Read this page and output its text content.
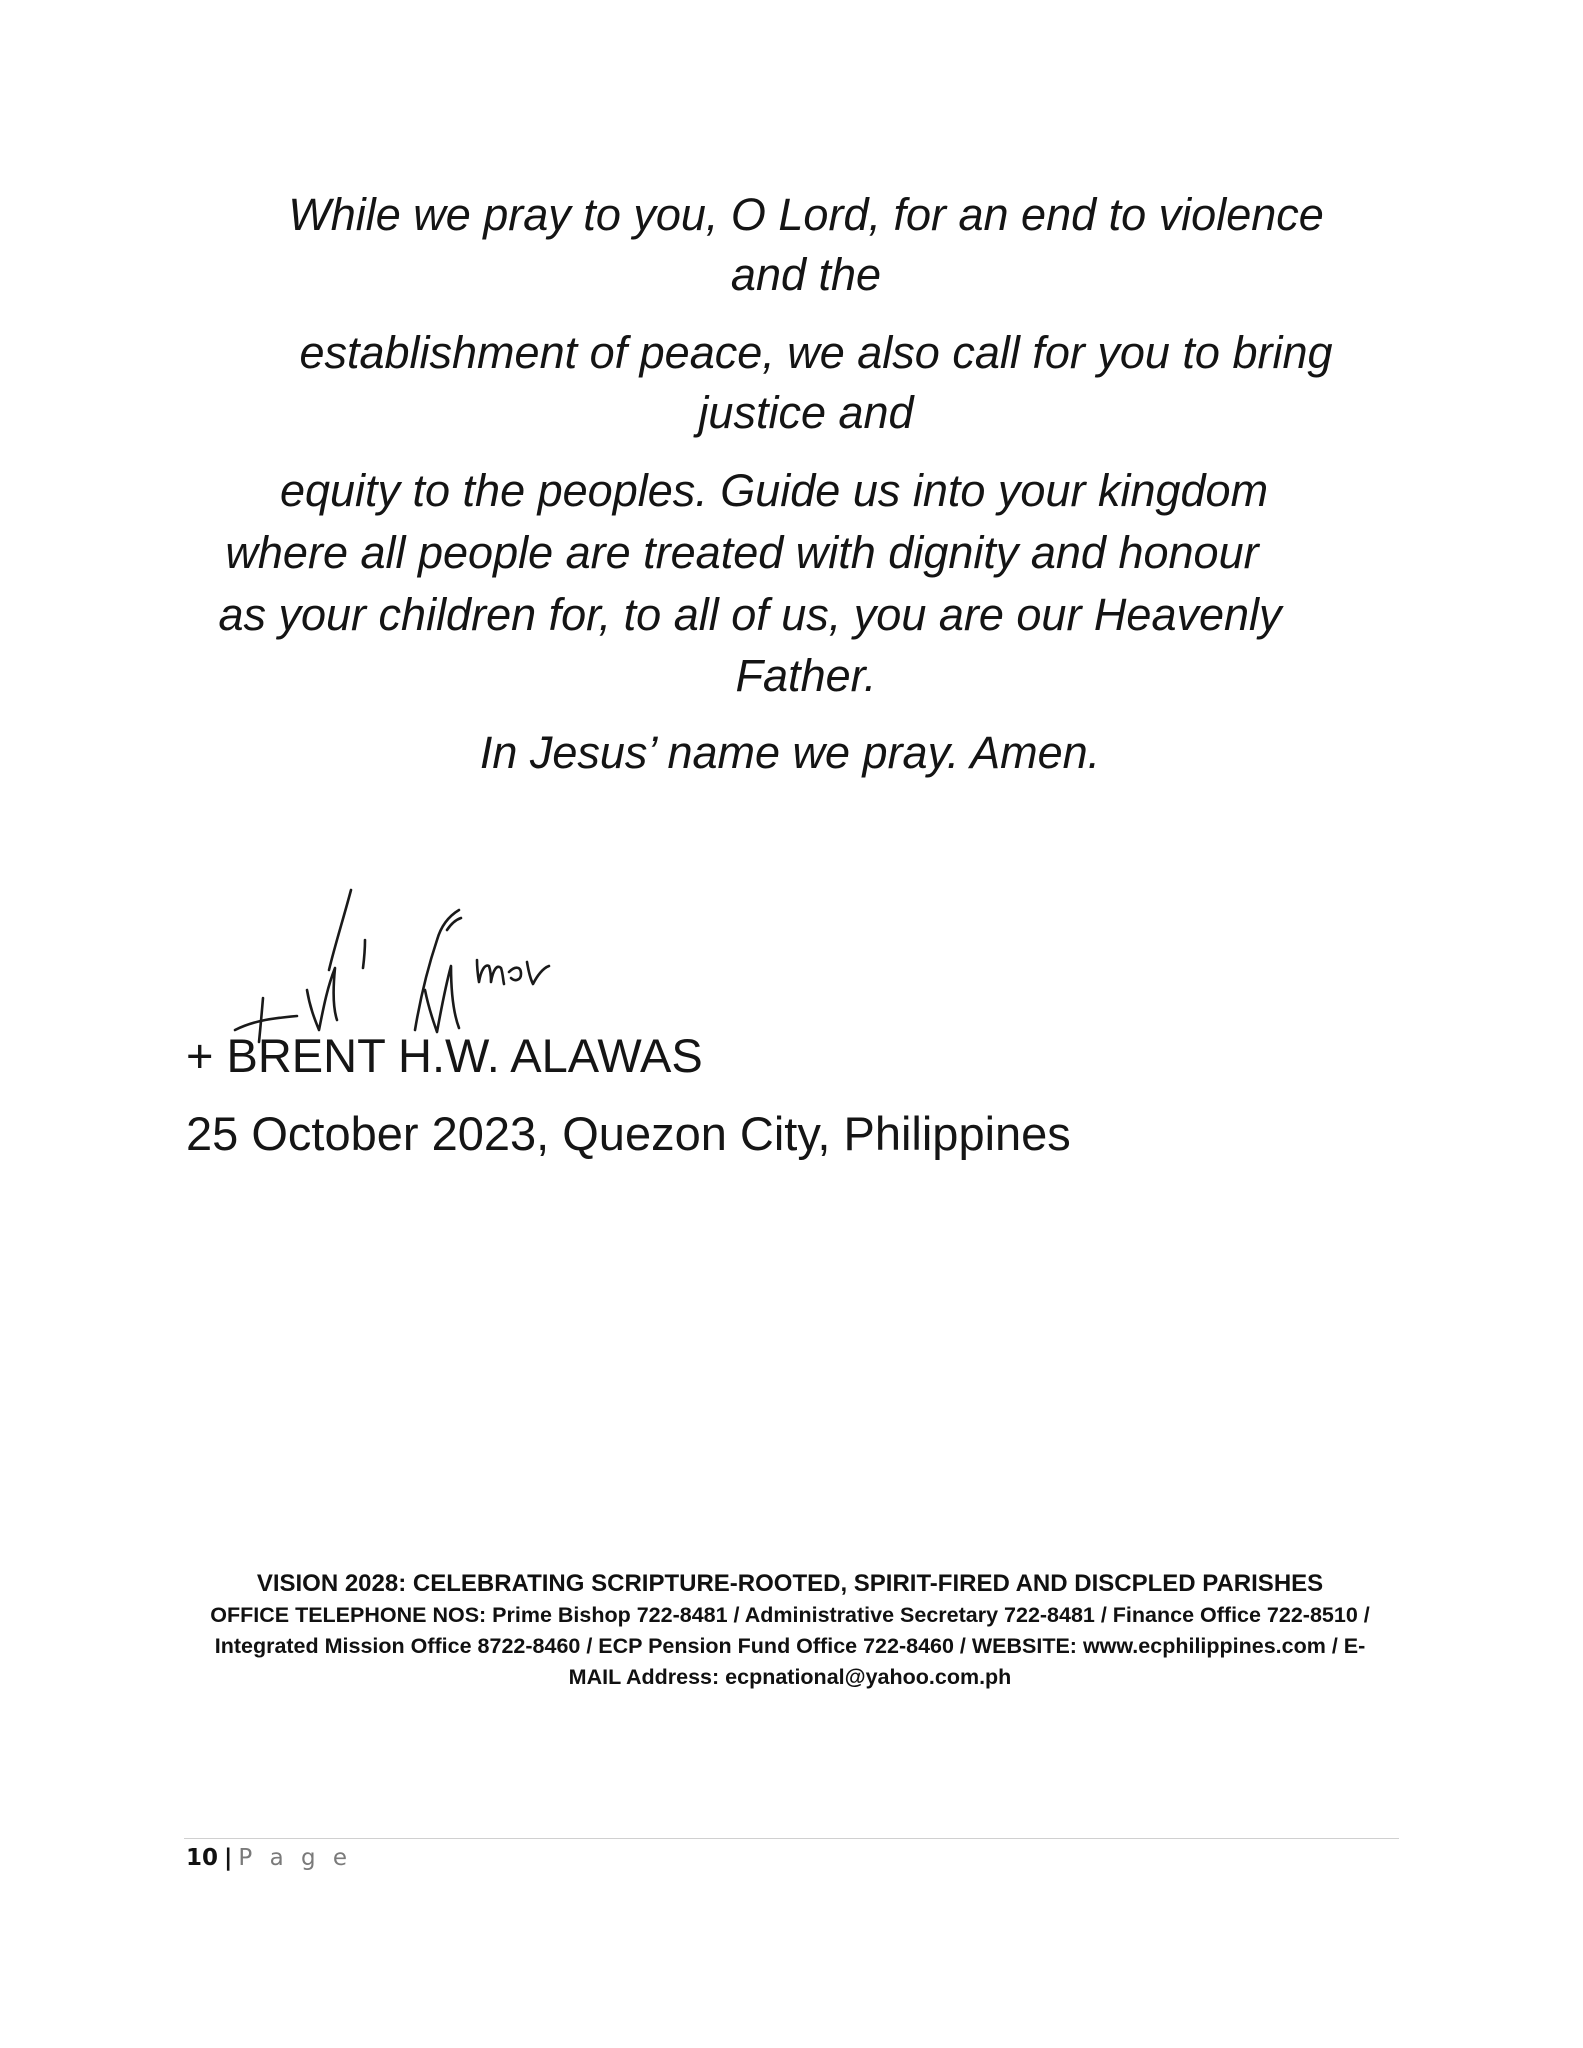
While we pray to you, O Lord, for an end to violence
and the
establishment of peace, we also call for you to bring
justice and
equity to the peoples. Guide us into your kingdom
where all people are treated with dignity and honour
as your children for, to all of us, you are our Heavenly
Father.
In Jesus’ name we pray. Amen.
+ BRENT H.W. ALAWAS
25 October 2023, Quezon City, Philippines
VISION 2028: CELEBRATING SCRIPTURE-ROOTED, SPIRIT-FIRED AND DISCPLED PARISHES
OFFICE TELEPHONE NOS: Prime Bishop 722-8481 / Administrative Secretary 722-8481 / Finance Office 722-8510 / Integrated Mission Office 8722-8460 / ECP Pension Fund Office 722-8460 / WEBSITE: www.ecphilippines.com / E-MAIL Address: ecpnational@yahoo.com.ph
10 | P a g e
